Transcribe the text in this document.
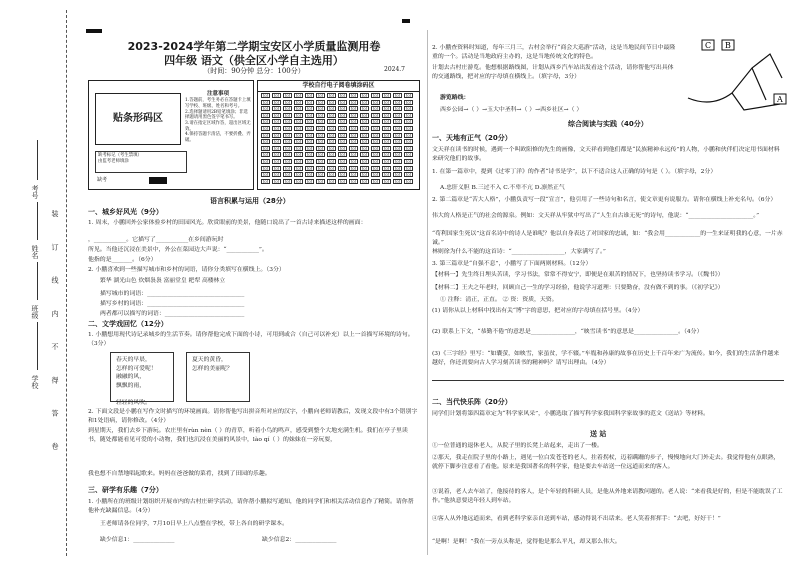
装 订 线 内 不 得 答 卷
考号
姓名
班级
学校
2023-2024学年第二学期宝安区小学质量监测用卷
四年级 语文（供全区小学自主选用）
（时间：90分钟 总分：100分）	2024.7
贴条形码区
注意事项
1.答题前，考生务必在答题卡上填写学校、班级、姓名和考号。
2.选择题请用2B铅笔填涂；非选择题请用黑色签字笔书写。
3.请在指定区域作答，超出区域无效。
4.保持答题卡清洁，不要折叠、弄破。
缺考标记（考生禁填）
由监考老师填涂
缺考
学校自行电子阅卷填涂码区
[0]
[0]
[0]
[0]
[0]
[0]
[0]
[0]
[0]
[0]
[0]
[0]
[0]
[0]
[0]
[0]
[0]
[0]
[0]
[0]
[0]
[0]
[0]
[0]
[0]
[0]
[0]
[0]
[0]
[0]
[0]
[0]
[0]
[0]
[0]
[0]
[0]
[0]
[0]
[0]
[0]
[0]
[0]
[0]
[0]
[0]
[0]
[0]
[0]
[0]
[0]
[0]
[0]
[0]
[0]
[0]
[0]
[0]
[0]
[0]
[0]
[0]
[0]
[0]
[0]
[0]
[0]
[0]
[0]
[0]
[0]
[0]
[0]
[0]
[0]
[0]
[0]
[0]
[0]
[0]
[0]
[0]
[0]
[0]
[0]
[0]
[0]
[0]
[0]
[0]
[0]
[0]
[0]
[0]
[0]
[0]
[0]
[0]
[0]
[0]
[0]
[0]
[0]
[0]
[0]
[0]
[0]
[0]
[0]
[0]
[0]
[0]
[0]
[0]
[0]
[0]
[0]
[0]
[0]
[0]
[0]
[0]
[0]
[0]
[0]
[0]
[0]
[0]
[0]
[0]
[0]
[0]
[0]
[0]
[0]
[0]
[0]
[0]
[0]
[0]
[0]
[0]
[0]
[0]
[0]
[0]
[0]
[0]
[0]
[0]
[0]
[0]
[0]
[0]
[0]
[0]
[0]
[0]
[0]
[0]
[0]
[0]
[0]
[0]
[0]
[0]
[0]
[0]
[0]
[0]
[0]
[0]
[0]
[0]
[0]
[0]
[0]
[0]
[0]
[0]
[0]
[0]
[0]
[0]
[0]
[0]
[0]
[0]
[0]
[0]
[0]
[0]
[0]
[0]
[0]
[0]
语言积累与运用（28分）
一、城乡好风光（9分）
1. 周末，小鹏回外公家体验乡村的田园风光。欣赏眼前的美景，他随口说出了一首古诗来描述这样的画面：
，___________。它描写了___________在乡间游玩时
所见。当他还沉浸在美景中，外公在菜园边大声说：“___________”。
他指的是_______。（6分）
2. 小鹏喜欢到一些描写城市和乡村的词语，请你分类填写在横线上。（3分）
繁华 湖光山色 炊烟袅袅 富丽堂皇 耙犁 高楼林立
描写城市的词语：_________________________________
描写乡村的词语：_________________________________
两者都可以描写的词语：___________________________
二、文学戏回忆（12分）
1. 小鹏想用现代诗记录城乡的生活节奏。请你帮他完成下面的小诗，可用到或合（自己可以补充）以上一首描写环境的诗句。（3分）
春天的早晨，
怎样的可爱呢！
融融的风，
飘飘的雨，

轻轻的风吹。
夏天的黄昏，
怎样的美丽呢？

2. 下面文段是小鹏在写作文时描写的环境画面。请你帮他写出拼音所对应的汉字，小鹏向老师请教后，发现文段中有3个错别字和1处语病，请你修改。（4分）
到星期天，我们去乡下游玩。农庄里有rùn nèn（ ）的青草，听着小鸟的鸣声，感受到整个大地充满生机。我们在亭子里读书，随处都能看见可爱的小动物，我们也沉浸在美丽的风景中，lào qí（ ）的妹妹在一旁玩耍，
我也想不自禁地唱起歌来。妈妈在爸爸做的菜肴，找到了田园的乐趣。
三、研学有乐趣（7分）
1. 小鹏所在的班级计划组织开展市内的古村庄研学活动，请你帮小鹏拟写通知，他的同学们和相关活动信息作了精简。请你帮他补充缺漏信息。（4分）
王老师请各位同学，7月10日早上八点整在学校，带上各自的研学课本。
缺少信息1：______________	缺少信息2：______________
2. 小鹏查资料时知道，每年三月三，古村会举行“商会大巡游”活动，这是当地民间节日中最隆重的一个。活动是当地政府主办的，这是当地传统文化的特色。
计划去古村庄游览。他想根据路线图，计划从西乡汽车站出发看这个活动，请你帮他写出具体的交通路线，把对应的字母填在横线上。（填字母，3分）
游览路线：
西乡公园→（ ）→玉大中圣科→（ ）→西乡社区→（ ）
C B
A
综合阅读与实践（40分）
一、天地有正气（20分）
文天祥在读书的时候，遇到一个叫欧阳修的先生的画像，文天祥看到他们都是“民族精神永远传”的人物，小鹏和伙伴们决定用书面材料来研究他们的故事。
1. 在第一篇章中，提到《过零丁洋》的作者“诗书是学”，以下不适合这人正确的诗句是（ ）。（填字母，2分）
A.忠肝义胆 B.三过不入 C.不卑不亢 D.凛然正气
2. 第二篇章是“苦大人格”，小鹏负责写一段“宣言”，他引用了一些诗句和名言，使文章更有说服力。请你在横线上补充名句。（6分）
伟大的人格是正气的社会的源泉。例如：文天祥从牢狱中写出了“人生自古谁无死”的诗句，他说：“______________________。”
“苟利国家生死以”这首名诗中的诗人是谁呢？他以自身表达了对国家的忠诚，如：“我会用____________的一生来证明我的心意，一片赤诚。”
林则徐为什么不能的这首诗：“__________________，大家满写了。”
3. 第三篇章是“自强不息”，小鹏写了下面两则材料。（12分）
【材料一】先生终日埋头苦读，学习书法，常常不得安宁，即便是在艰苦的情况下，也坚持读书学习。（《魏书》）
【材料二】王夫之年老时，回顾自己一生的学习经验，他说学习道理：只要勤奋，没有做不到的事。（《初学记》）
① 注释：清正，正直。 ② 资：资质，天资。
(1) 请你从以上材料中找出有关“博”字的意思，把对应的字母填在括号里。（4分）
(2) 联系上下文，“恭勤不倦”的意思是_______________，“映雪读书”的意思是_______________。（4分）
(3)《三字经》里写：“如囊萤，如映雪，家虽贫，学不辍。”车胤和孙康的故事在历史上千百年来广为流传。如今，我们的生活条件越来越好，你还需要向古人学习刻苦读书的精神吗？请写出理由。（4分）
二、当代快乐阵（20分）
同学们计划将第四篇章定为“科学家风采”，小鹏选取了描写科学家我国科学家故事的范文《送站》等材料。
送 站
①一位普通的退休老人，从院子里的长凳上站起来，走出了一楼。
②那天，我走在院子里的小路上，遇见一位白发苍苍的老人，拄着拐杖，迈着蹒跚的步子，慢慢地向大门外走去。我觉得他有点眼熟，就停下脚步注意看了看他。原来是我国著名的科学家，他是要去车站送一位远道而来的客人。
③说着，老人去车站了，他接待的客人，是个年轻的科研人员，是他从外地来请教问题的。老人说：“来看我是好的，但是不能耽误了工作。”他执意要送年轻人到车站。
④客人从外地远道而来，看到老科学家亲自送到车站，感动得说不出话来。老人笑着挥挥手：“去吧，好好干！”
“是啊！是啊！”我在一旁点头称是，觉得他是那么平凡，却又那么伟大。
